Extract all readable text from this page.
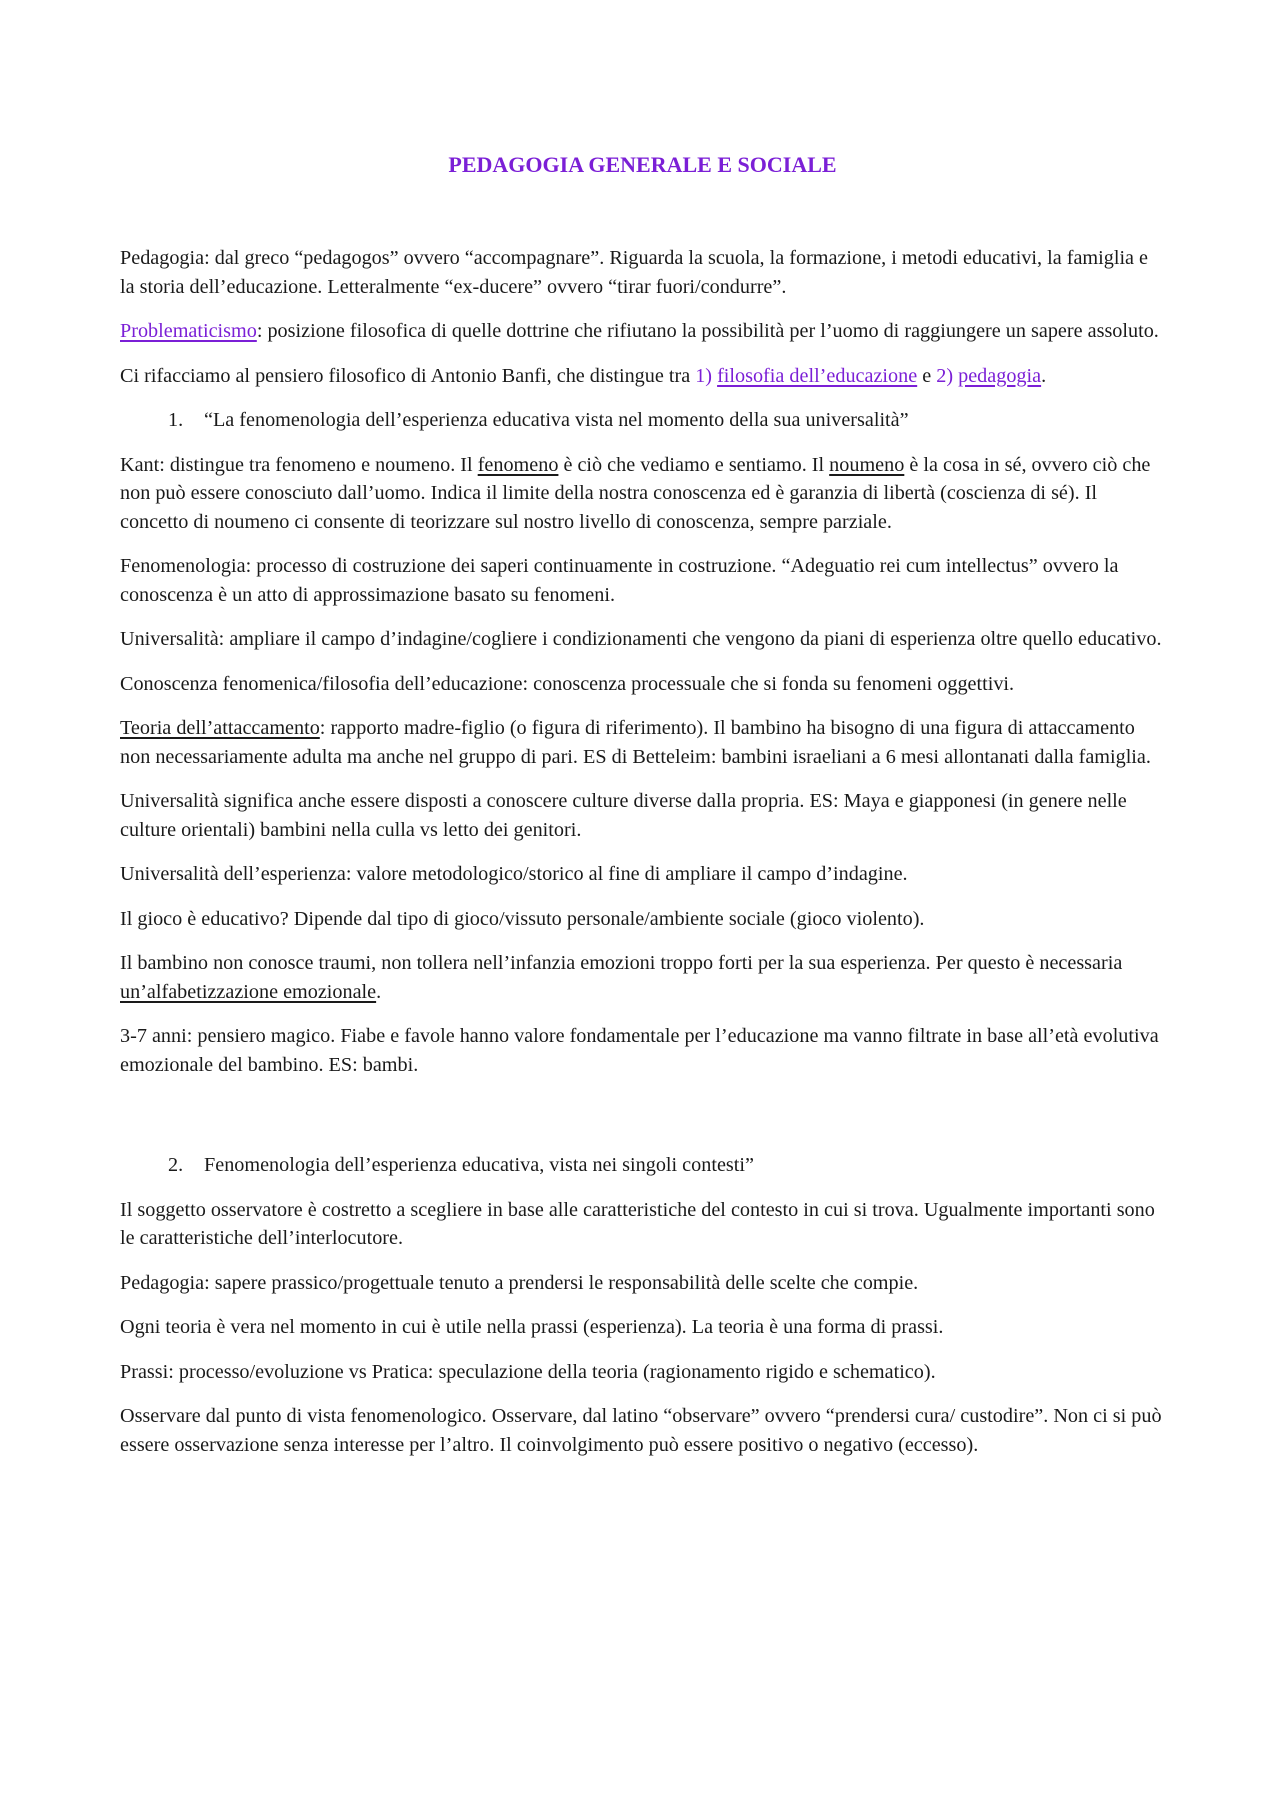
PEDAGOGIA GENERALE E SOCIALE

Pedagogia: dal greco “pedagogos” ovvero “accompagnare”. Riguarda la scuola, la formazione, i metodi educativi, la famiglia e la storia dell’educazione. Letteralmente “ex-ducere” ovvero “tirar fuori/condurre”.

Problematicismo: posizione filosofica di quelle dottrine che rifiutano la possibilità per l’uomo di raggiungere un sapere assoluto.

Ci rifacciamo al pensiero filosofico di Antonio Banfi, che distingue tra 1) filosofia dell’educazione e 2) pedagogia.

1. “La fenomenologia dell’esperienza educativa vista nel momento della sua universalità”

Kant: distingue tra fenomeno e noumeno. Il fenomeno è ciò che vediamo e sentiamo. Il noumeno è la cosa in sé, ovvero ciò che non può essere conosciuto dall’uomo. Indica il limite della nostra conoscenza ed è garanzia di libertà (coscienza di sé). Il concetto di noumeno ci consente di teorizzare sul nostro livello di conoscenza, sempre parziale.

Fenomenologia: processo di costruzione dei saperi continuamente in costruzione. “Adeguatio rei cum intellectus” ovvero la conoscenza è un atto di approssimazione basato su fenomeni.

Universalità: ampliare il campo d’indagine/cogliere i condizionamenti che vengono da piani di esperienza oltre quello educativo.

Conoscenza fenomenica/filosofia dell’educazione: conoscenza processuale che si fonda su fenomeni oggettivi.

Teoria dell’attaccamento: rapporto madre-figlio (o figura di riferimento). Il bambino ha bisogno di una figura di attaccamento non necessariamente adulta ma anche nel gruppo di pari. ES di Betteleim: bambini israeliani a 6 mesi allontanati dalla famiglia.

Universalità significa anche essere disposti a conoscere culture diverse dalla propria. ES: Maya e giapponesi (in genere nelle culture orientali) bambini nella culla vs letto dei genitori.

Universalità dell’esperienza: valore metodologico/storico al fine di ampliare il campo d’indagine.

Il gioco è educativo? Dipende dal tipo di gioco/vissuto personale/ambiente sociale (gioco violento).

Il bambino non conosce traumi, non tollera nell’infanzia emozioni troppo forti per la sua esperienza. Per questo è necessaria un’alfabetizzazione emozionale.

3-7 anni: pensiero magico. Fiabe e favole hanno valore fondamentale per l’educazione ma vanno filtrate in base all’età evolutiva emozionale del bambino. ES: bambi.

2. Fenomenologia dell’esperienza educativa, vista nei singoli contesti”

Il soggetto osservatore è costretto a scegliere in base alle caratteristiche del contesto in cui si trova. Ugualmente importanti sono le caratteristiche dell’interlocutore.

Pedagogia: sapere prassico/progettuale tenuto a prendersi le responsabilità delle scelte che compie.

Ogni teoria è vera nel momento in cui è utile nella prassi (esperienza). La teoria è una forma di prassi.

Prassi: processo/evoluzione vs Pratica: speculazione della teoria (ragionamento rigido e schematico).

Osservare dal punto di vista fenomenologico. Osservare, dal latino “observare” ovvero “prendersi cura/ custodire”. Non ci si può essere osservazione senza interesse per l’altro. Il coinvolgimento può essere positivo o negativo (eccesso).
